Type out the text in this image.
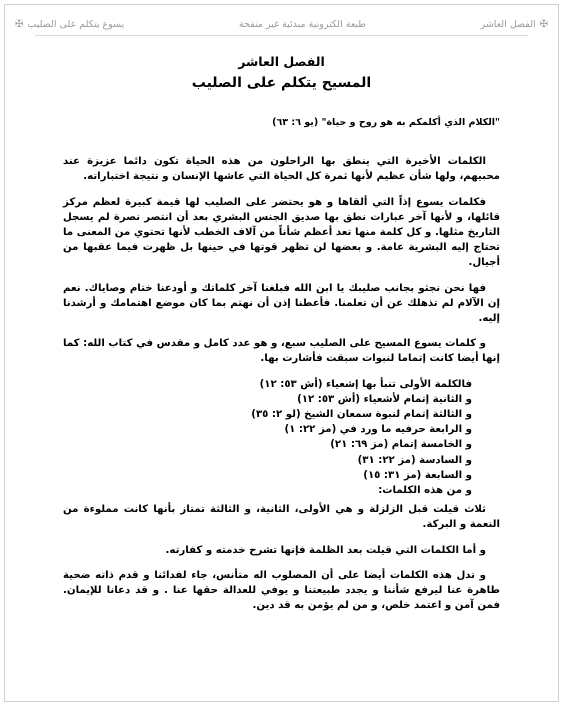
✠
الفصل العاشر
طبعة الكترونية مبدئية غير منقحة
يسوع يتكلم على الصليب
✠
الفصل العاشر
المسيح يتكلم على الصليب
"الكلام الذي أكلمكم به هو روح و حياة" (يو ٦: ٦٣)

الكلمات الأخيرة التي ينطق بها الراحلون من هذه الحياة تكون دائما عزيزة عند محبيهم، ولها شأن عظيم لأنها ثمرة كل الحياة التي عاشها الإنسان و نتيجة اختباراته.

فكلمات يسوع إذاً التي ألقاها و هو يحتضر على الصليب لها قيمة كبيرة لعظم مركز قائلها، و لأنها آخر عبارات نطق بها صديق الجنس البشري بعد أن انتصر نصرة لم يسجل التاريخ مثلها. و كل كلمة منها تعد أعظم شأناً من آلاف الخطب لأنها تحتوي من المعنى ما تحتاج إليه البشرية عامة. و بعضها لن تظهر قوتها في حينها بل ظهرت فيما عقبها من أجيال.

فها نحن نجثو بجانب صليبك يا ابن الله فبلغنا آخر كلماتك و أودعنا ختام وصاياك. نعم إن الآلام لم تذهلك عن أن تعلمنا. فأعطنا إذن أن نهتم بما كان موضع اهتمامك و أرشدنا إليه.

و كلمات يسوع المسيح على الصليب سبع، و هو عدد كامل و مقدس في كتاب الله: كما إنها أيضا كانت إتماما لنبوات سبقت فأشارت بها.

فالكلمة الأولى تنبأ بها إشعياء (أش ٥٣: ١٢)
و الثانية إتمام لأشعياء (أش ٥٣: ١٢)
و الثالثة إتمام لنبوة سمعان الشيخ (لو ٢: ٣٥)
و الرابعة حرفيه ما ورد في (مز ٢٢: ١)
و الخامسة إتمام (مز ٦٩: ٢١)
و السادسة (مز ٢٢: ٣١)
و السابعة (مز ٣١: ١٥)
و من هذه الكلمات:

ثلاث قيلت قبل الزلزلة و هي الأولى، الثانية، و الثالثة تمتاز بأنها كانت مملوءة من النعمة و البركة.

و أما الكلمات التي قيلت بعد الظلمة فإنها تشرح خدمته و كفارته.

و تدل هذه الكلمات أيضا على أن المصلوب اله متأنس، جاء لفدائنا و قدم ذاته ضحية طاهرة عنا ليرفع شأننا و يجدد طبيعتنا و يوفي للعدالة حقها عنا . و قد دعانا للإيمان. فمن آمن و اعتمد خلص، و من لم يؤمن به قد دين.
